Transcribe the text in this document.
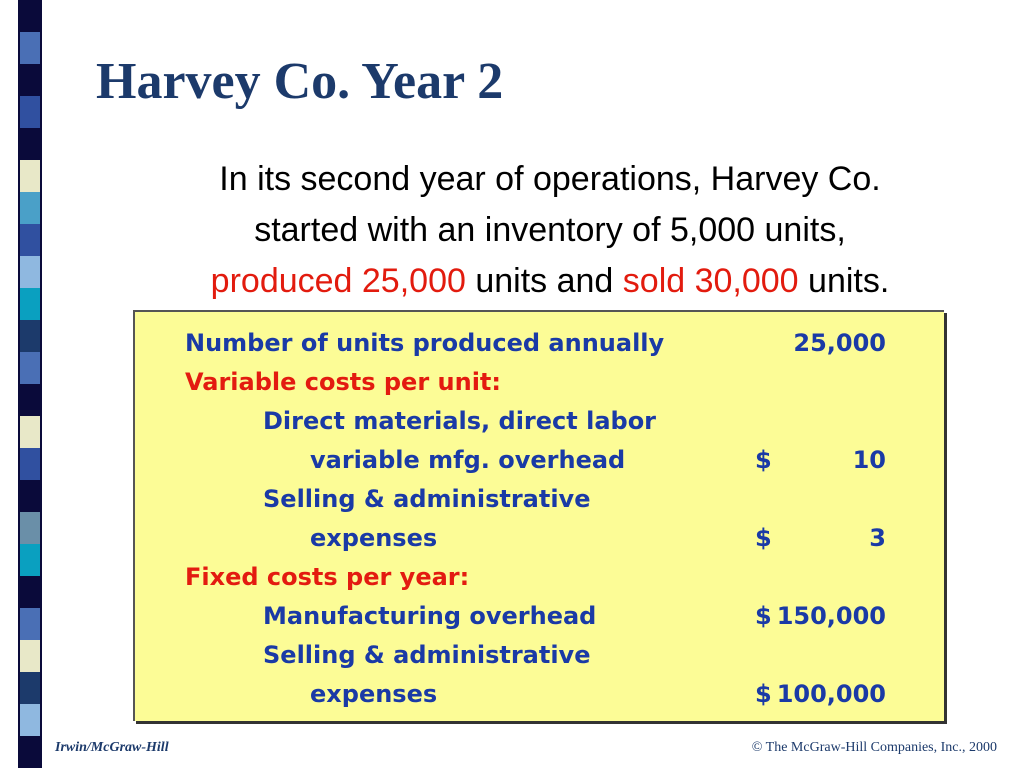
Harvey Co. Year 2
In its second year of operations, Harvey Co.
started with an inventory of 5,000 units,
produced 25,000 units and sold 30,000 units.
Number of units produced annually	25,000
Variable costs per unit:
Direct materials, direct labor
variable mfg. overhead	$	10
Selling & administrative
expenses	$	3
Fixed costs per year:
Manufacturing overhead	$ 150,000
Selling & administrative
expenses	$ 100,000
Irwin/McGraw-Hill	© The McGraw-Hill Companies, Inc., 2000
